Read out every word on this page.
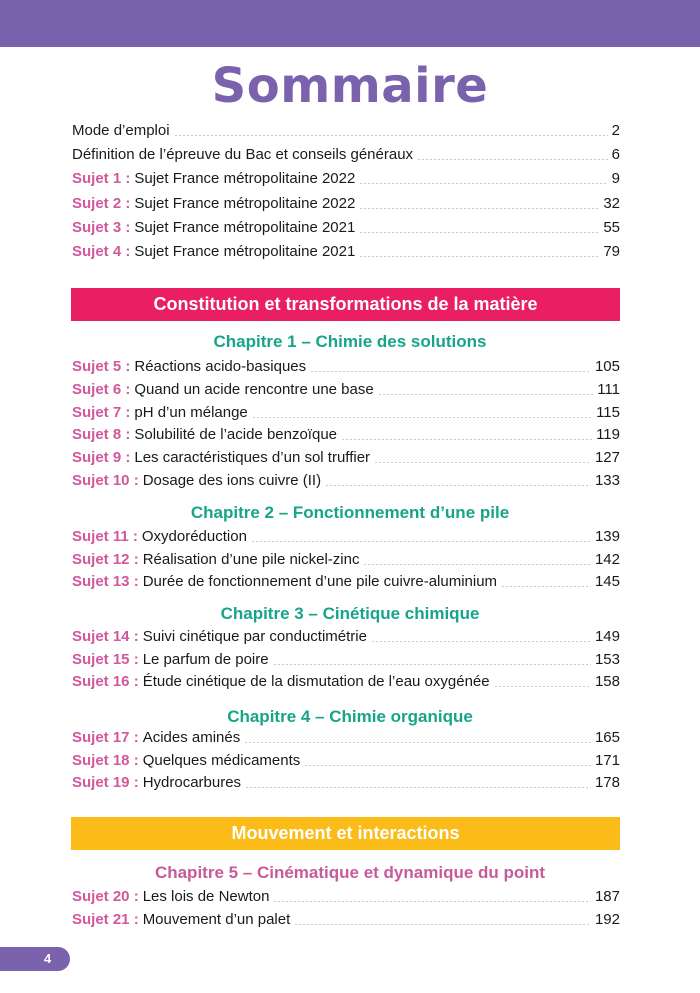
Sommaire
Mode d’emploi	2
Définition de l’épreuve du Bac et conseils généraux	6
Sujet 1 : Sujet France métropolitaine 2022	9
Sujet 2 : Sujet France métropolitaine 2022	32
Sujet 3 : Sujet France métropolitaine 2021	55
Sujet 4 : Sujet France métropolitaine 2021	79
Constitution et transformations de la matière
Chapitre 1 – Chimie des solutions
Sujet 5 : Réactions acido-basiques	105
Sujet 6 : Quand un acide rencontre une base	111
Sujet 7 : pH d’un mélange	115
Sujet 8 : Solubilité de l’acide benzoïque	119
Sujet 9 : Les caractéristiques d’un sol truffier	127
Sujet 10 : Dosage des ions cuivre (II)	133
Chapitre 2 – Fonctionnement d’une pile
Sujet 11 : Oxydoréduction	139
Sujet 12 : Réalisation d’une pile nickel-zinc	142
Sujet 13 : Durée de fonctionnement d’une pile cuivre-aluminium	145
Chapitre 3 – Cinétique chimique
Sujet 14 : Suivi cinétique par conductimétrie	149
Sujet 15 : Le parfum de poire	153
Sujet 16 : Étude cinétique de la dismutation de l’eau oxygénée	158
Chapitre 4 – Chimie organique
Sujet 17 : Acides aminés	165
Sujet 18 : Quelques médicaments	171
Sujet 19 : Hydrocarbures	178
Mouvement et interactions
Chapitre 5 – Cinématique et dynamique du point
Sujet 20 : Les lois de Newton	187
Sujet 21 : Mouvement d’un palet	192
4
